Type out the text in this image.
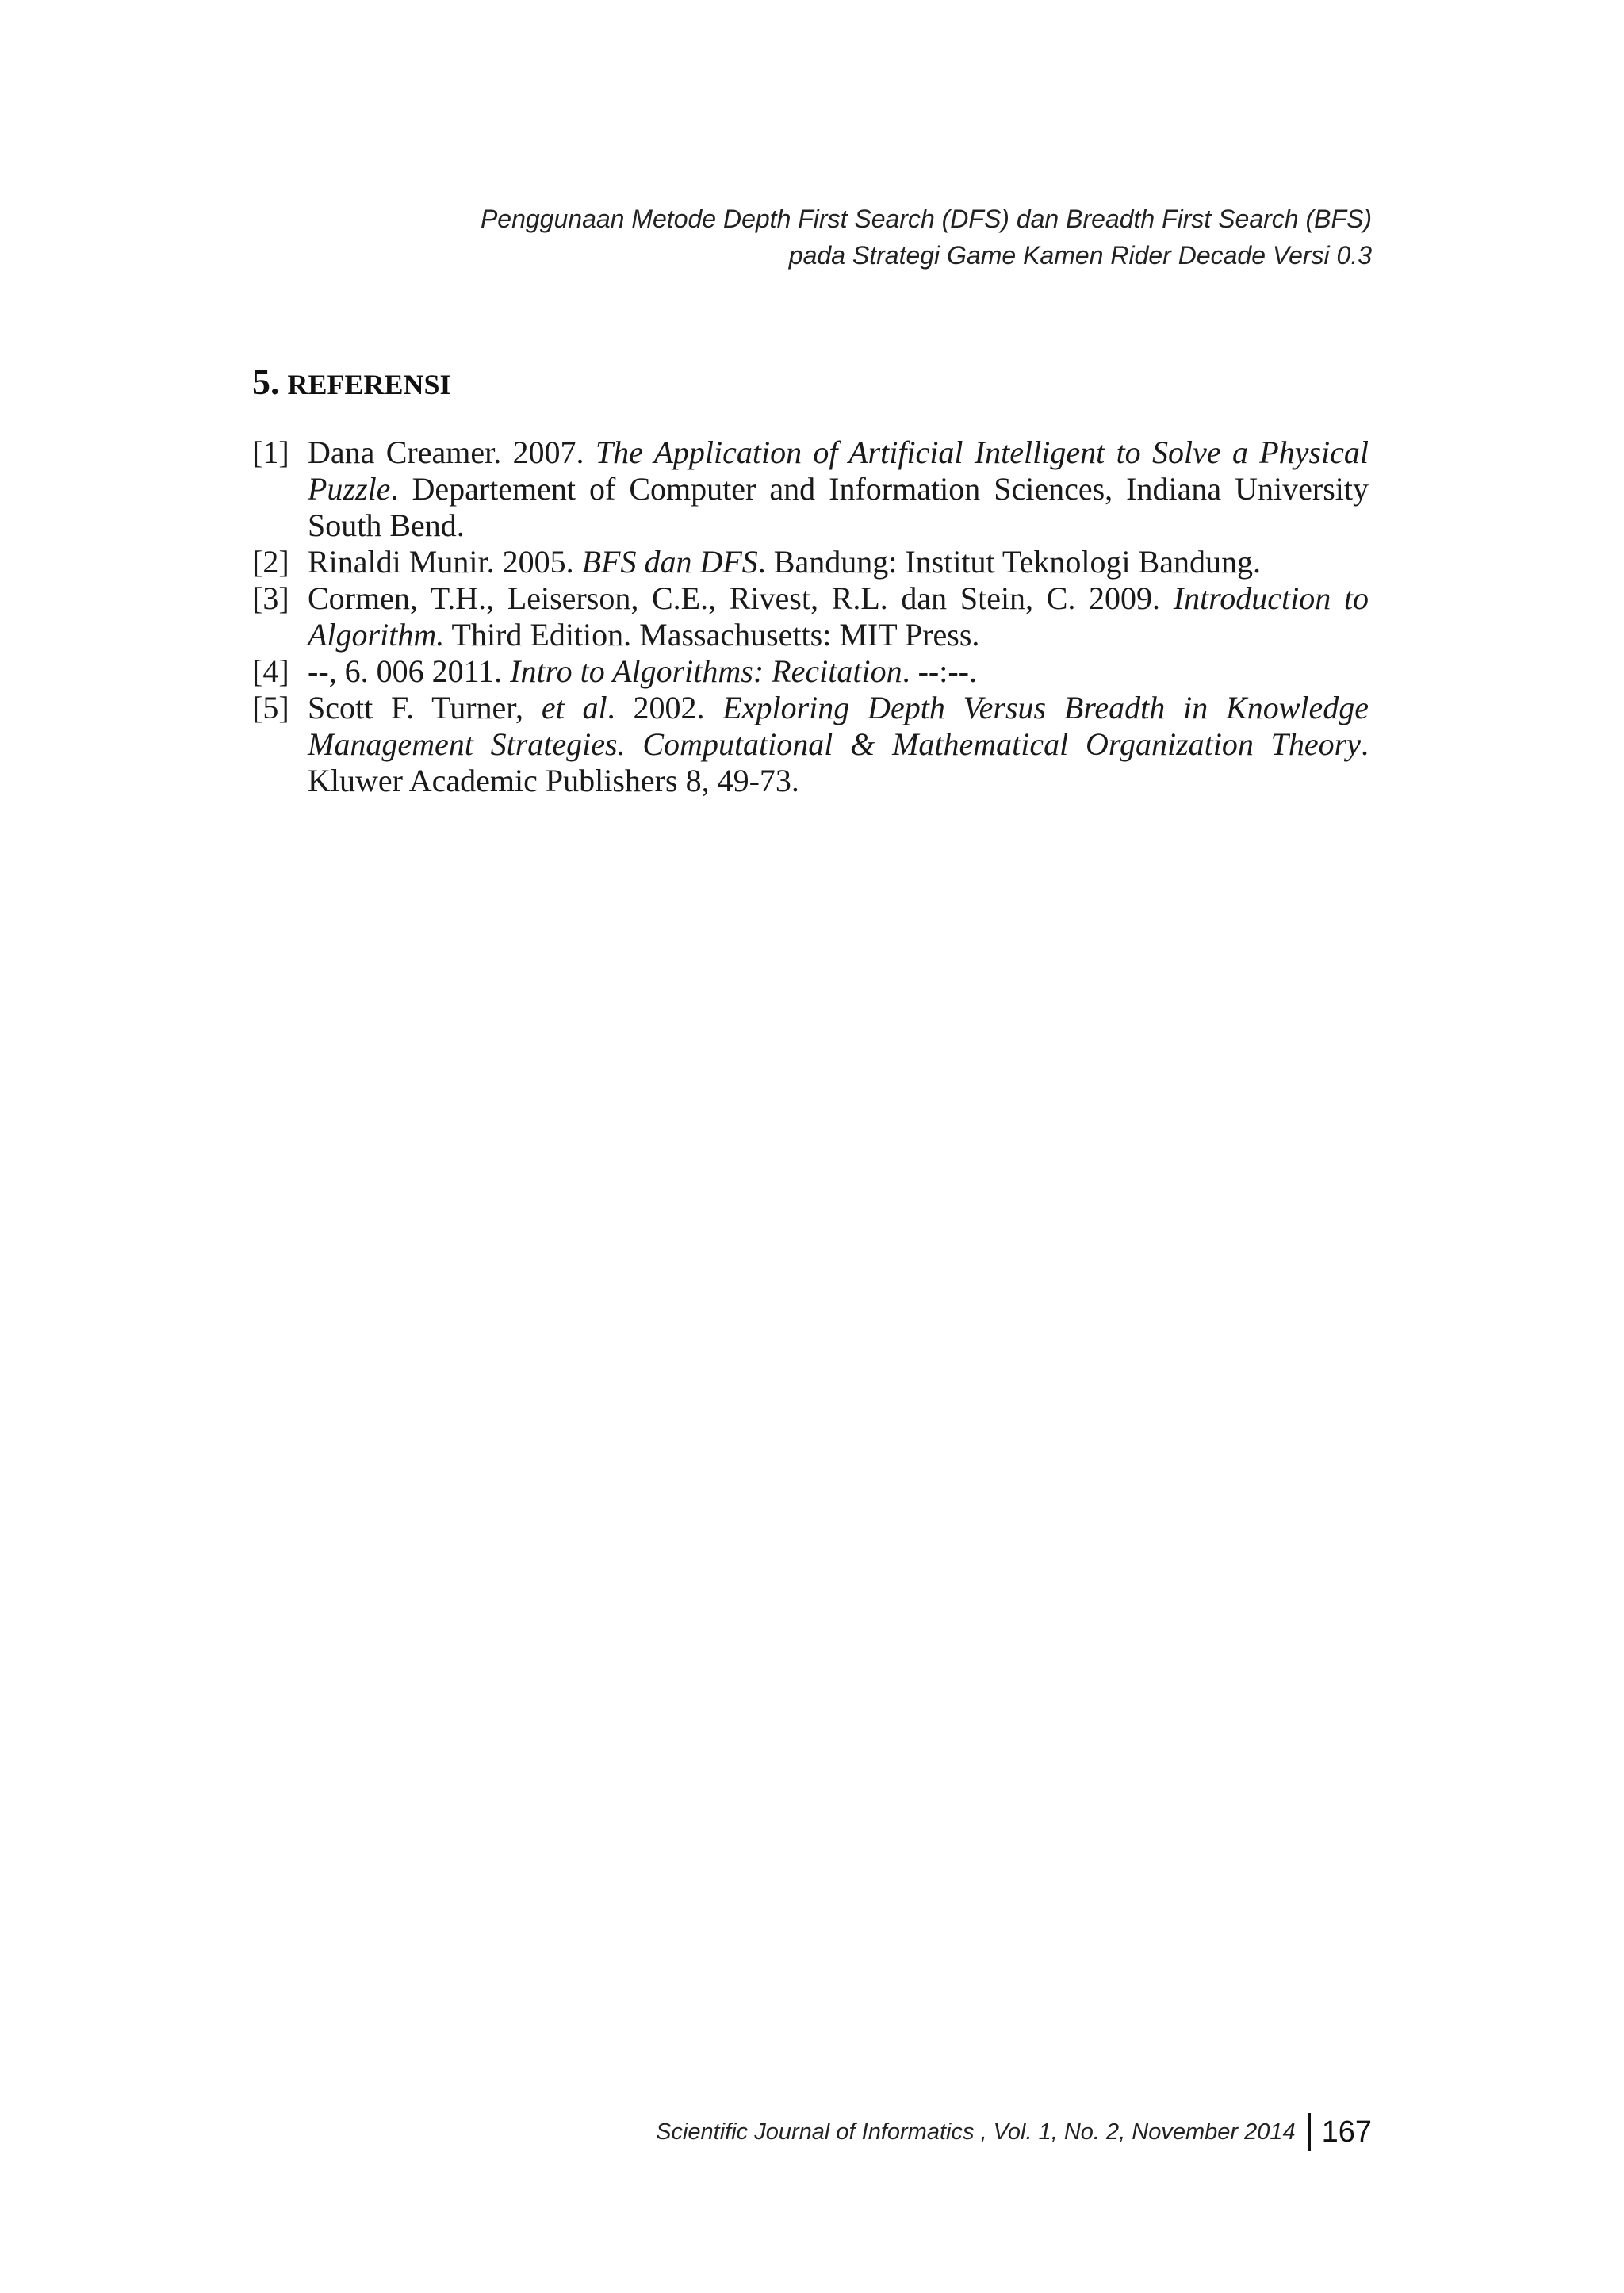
Penggunaan Metode Depth First Search (DFS) dan Breadth First Search (BFS)
pada Strategi Game Kamen Rider Decade Versi 0.3
5. REFERENSI
[1] Dana Creamer. 2007. The Application of Artificial Intelligent to Solve a Physical Puzzle. Departement of Computer and Information Sciences, Indiana University South Bend.
[2] Rinaldi Munir. 2005. BFS dan DFS. Bandung: Institut Teknologi Bandung.
[3] Cormen, T.H., Leiserson, C.E., Rivest, R.L. dan Stein, C. 2009. Introduction to Algorithm. Third Edition. Massachusetts: MIT Press.
[4] --, 6. 006 2011. Intro to Algorithms: Recitation. --:--.
[5] Scott F. Turner, et al. 2002. Exploring Depth Versus Breadth in Knowledge Management Strategies. Computational & Mathematical Organization Theory. Kluwer Academic Publishers 8, 49-73.
Scientific Journal of Informatics , Vol. 1, No. 2, November 2014 167
